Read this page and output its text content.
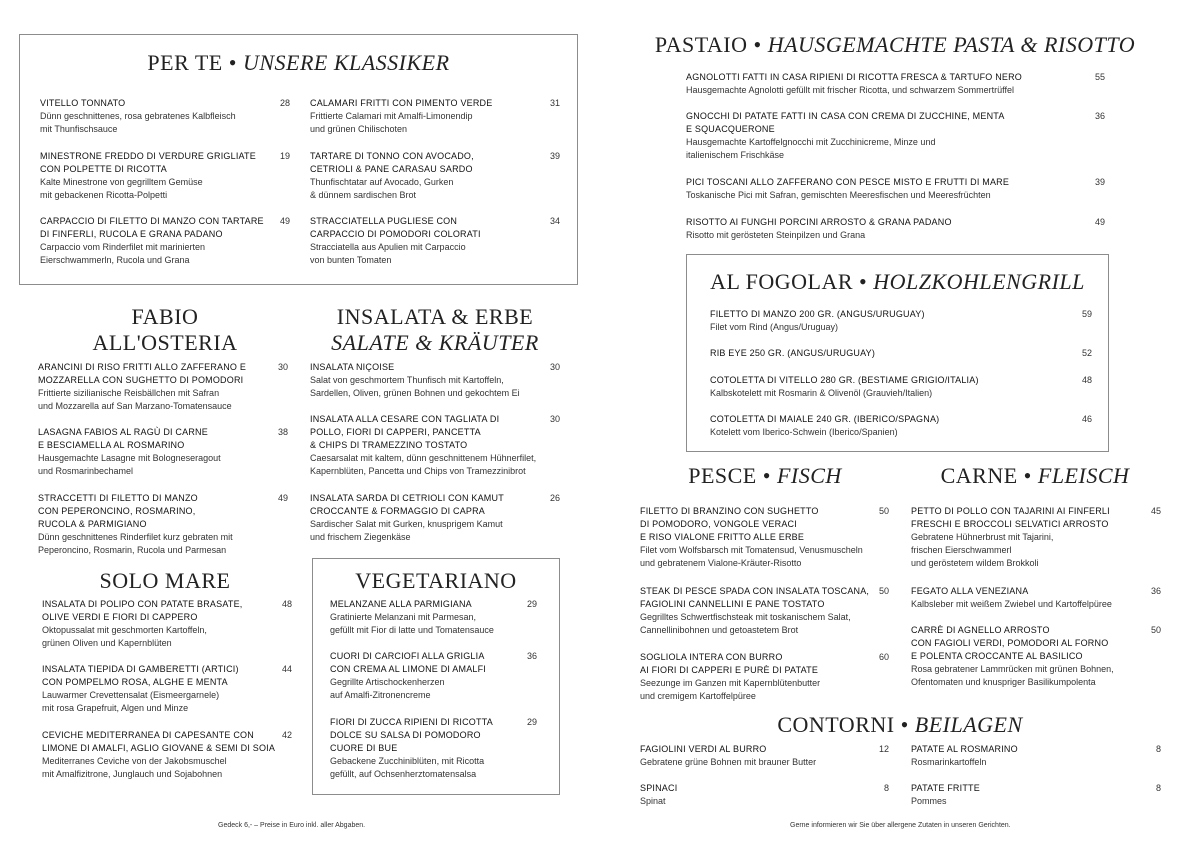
PER TE • UNSERE KLASSIKER
VITELLO TONNATO
Dünn geschnittenes, rosa gebratenes Kalbfleisch
mit Thunfischsauce
28
MINESTRONE FREDDO DI VERDURE GRIGLIATE
CON POLPETTE DI RICOTTA
Kalte Minestrone von gegrilltem Gemüse
mit gebackenen Ricotta-Polpetti
19
CARPACCIO DI FILETTO DI MANZO CON TARTARE
DI FINFERLI, RUCOLA E GRANA PADANO
Carpaccio vom Rinderfilet mit marinierten
Eierschwammerln, Rucola und Grana
49
CALAMARI FRITTI CON PIMENTO VERDE
Frittierte Calamari mit Amalfi-Limonendip
und grünen Chilischoten
31
TARTARE DI TONNO CON AVOCADO,
CETRIOLI & PANE CARASAU SARDO
Thunfischtatar auf Avocado, Gurken
& dünnem sardischen Brot
39
STRACCIATELLA PUGLIESE CON
CARPACCIO DI POMODORI COLORATI
Stracciatella aus Apulien mit Carpaccio
von bunten Tomaten
34
FABIO
ALL'OSTERIA
ARANCINI DI RISO FRITTI ALLO ZAFFERANO E
MOZZARELLA CON SUGHETTO DI POMODORI
Frittierte sizilianische Reisbällchen mit Safran
und Mozzarella auf San Marzano-Tomatensauce
30
LASAGNA FABIOS AL RAGÙ DI CARNE
E BESCIAMELLA AL ROSMARINO
Hausgemachte Lasagne mit Bologneseragout
und Rosmarinbechamel
38
STRACCETTI DI FILETTO DI MANZO
CON PEPERONCINO, ROSMARINO,
RUCOLA & PARMIGIANO
Dünn geschnittenes Rinderfilet kurz gebraten mit
Peperoncino, Rosmarin, Rucola und Parmesan
49
INSALATA & ERBE
SALATE & KRÄUTER
INSALATA NIÇOISE
Salat von geschmortem Thunfisch mit Kartoffeln,
Sardellen, Oliven, grünen Bohnen und gekochtem Ei
30
INSALATA ALLA CESARE CON TAGLIATA DI
POLLO, FIORI DI CAPPERI, PANCETTA
& CHIPS DI TRAMEZZINO TOSTATO
Caesarsalat mit kaltem, dünn geschnittenem Hühnerfilet,
Kapernblüten, Pancetta und Chips von Tramezzinibrot
30
INSALATA SARDA DI CETRIOLI CON KAMUT
CROCCANTE & FORMAGGIO DI CAPRA
Sardischer Salat mit Gurken, knusprigem Kamut
und frischem Ziegenkäse
26
SOLO MARE
INSALATA DI POLIPO CON PATATE BRASATE,
OLIVE VERDI E FIORI DI CAPPERO
Oktopussalat mit geschmorten Kartoffeln,
grünen Oliven und Kapernblüten
48
INSALATA TIEPIDA DI GAMBERETTI (ARTICI)
CON POMPELMO ROSA, ALGHE E MENTA
Lauwarmer Crevettensalat (Eismeergarnele)
mit rosa Grapefruit, Algen und Minze
44
CEVICHE MEDITERRANEA DI CAPESANTE CON
LIMONE DI AMALFI, AGLIO GIOVANE & SEMI DI SOIA
Mediterranes Ceviche von der Jakobsmuschel
mit Amalfizitrone, Junglauch und Sojabohnen
42
VEGETARIANO
MELANZANE ALLA PARMIGIANA
Gratinierte Melanzani mit Parmesan,
gefüllt mit Fior di latte und Tomatensauce
29
CUORI DI CARCIOFI ALLA GRIGLIA
CON CREMA AL LIMONE DI AMALFI
Gegrillte Artischockenherzen
auf Amalfi-Zitronencreme
36
FIORI DI ZUCCA RIPIENI DI RICOTTA
DOLCE SU SALSA DI POMODORO
CUORE DI BUE
Gebackene Zucchiniblüten, mit Ricotta
gefüllt, auf Ochsenherztomatensalsa
29
Gedeck 6,- – Preise in Euro inkl. aller Abgaben.
PASTAIO • HAUSGEMACHTE PASTA & RISOTTO
AGNOLOTTI FATTI IN CASA RIPIENI DI RICOTTA FRESCA & TARTUFO NERO
Hausgemachte Agnolotti gefüllt mit frischer Ricotta, und schwarzem Sommertrüffel
55
GNOCCHI DI PATATE FATTI IN CASA CON CREMA DI ZUCCHINE, MENTA
E SQUACQUERONE
Hausgemachte Kartoffelgnocchi mit Zucchinicreme, Minze und
italienischem Frischkäse
36
PICI TOSCANI ALLO ZAFFERANO CON PESCE MISTO E FRUTTI DI MARE
Toskanische Pici mit Safran, gemischten Meeresfischen und Meeresfrüchten
39
RISOTTO AI FUNGHI PORCINI ARROSTO & GRANA PADANO
Risotto mit gerösteten Steinpilzen und Grana
49
AL FOGOLAR • HOLZKOHLENGRILL
FILETTO DI MANZO 200 GR. (ANGUS/URUGUAY)
Filet vom Rind (Angus/Uruguay)
59
RIB EYE 250 GR. (ANGUS/URUGUAY)	52
COTOLETTA DI VITELLO 280 GR. (BESTIAME GRIGIO/ITALIA)
Kalbskotelett mit Rosmarin & Olivenöl (Grauvieh/Italien)
48
COTOLETTA DI MAIALE 240 GR. (IBERICO/SPAGNA)
Kotelett vom Iberico-Schwein (Iberico/Spanien)
46
PESCE • FISCH
FILETTO DI BRANZINO CON SUGHETTO
DI POMODORO, VONGOLE VERACI
E RISO VIALONE FRITTO ALLE ERBE
Filet vom Wolfsbarsch mit Tomatensud, Venusmuscheln
und gebratenem Vialone-Kräuter-Risotto
50
STEAK DI PESCE SPADA CON INSALATA TOSCANA,
FAGIOLINI CANNELLINI E PANE TOSTATO
Gegrilltes Schwertfischsteak mit toskanischem Salat,
Cannellinibohnen und getoastetem Brot
50
SOGLIOLA INTERA CON BURRO
AI FIORI DI CAPPERI E PURÈ DI PATATE
Seezunge im Ganzen mit Kapernblütenbutter
und cremigem Kartoffelpüree
60
CARNE • FLEISCH
PETTO DI POLLO CON TAJARINI AI FINFERLI
FRESCHI E BROCCOLI SELVATICI ARROSTO
Gebratene Hühnerbrust mit Tajarini,
frischen Eierschwammerl
und geröstetem wildem Brokkoli
45
FEGATO ALLA VENEZIANA
Kalbsleber mit weißem Zwiebel und Kartoffelpüree
36
CARRÈ DI AGNELLO ARROSTO
CON FAGIOLI VERDI, POMODORI AL FORNO
E POLENTA CROCCANTE AL BASILICO
Rosa gebratener Lammrücken mit grünen Bohnen,
Ofentomaten und knuspriger Basilikumpolenta
50
CONTORNI • BEILAGEN
FAGIOLINI VERDI AL BURRO
Gebratene grüne Bohnen mit brauner Butter
12
SPINACI
Spinat
8
PATATE AL ROSMARINO
Rosmarinkartoffeln
8
PATATE FRITTE
Pommes
8
Gerne informieren wir Sie über allergene Zutaten in unseren Gerichten.
